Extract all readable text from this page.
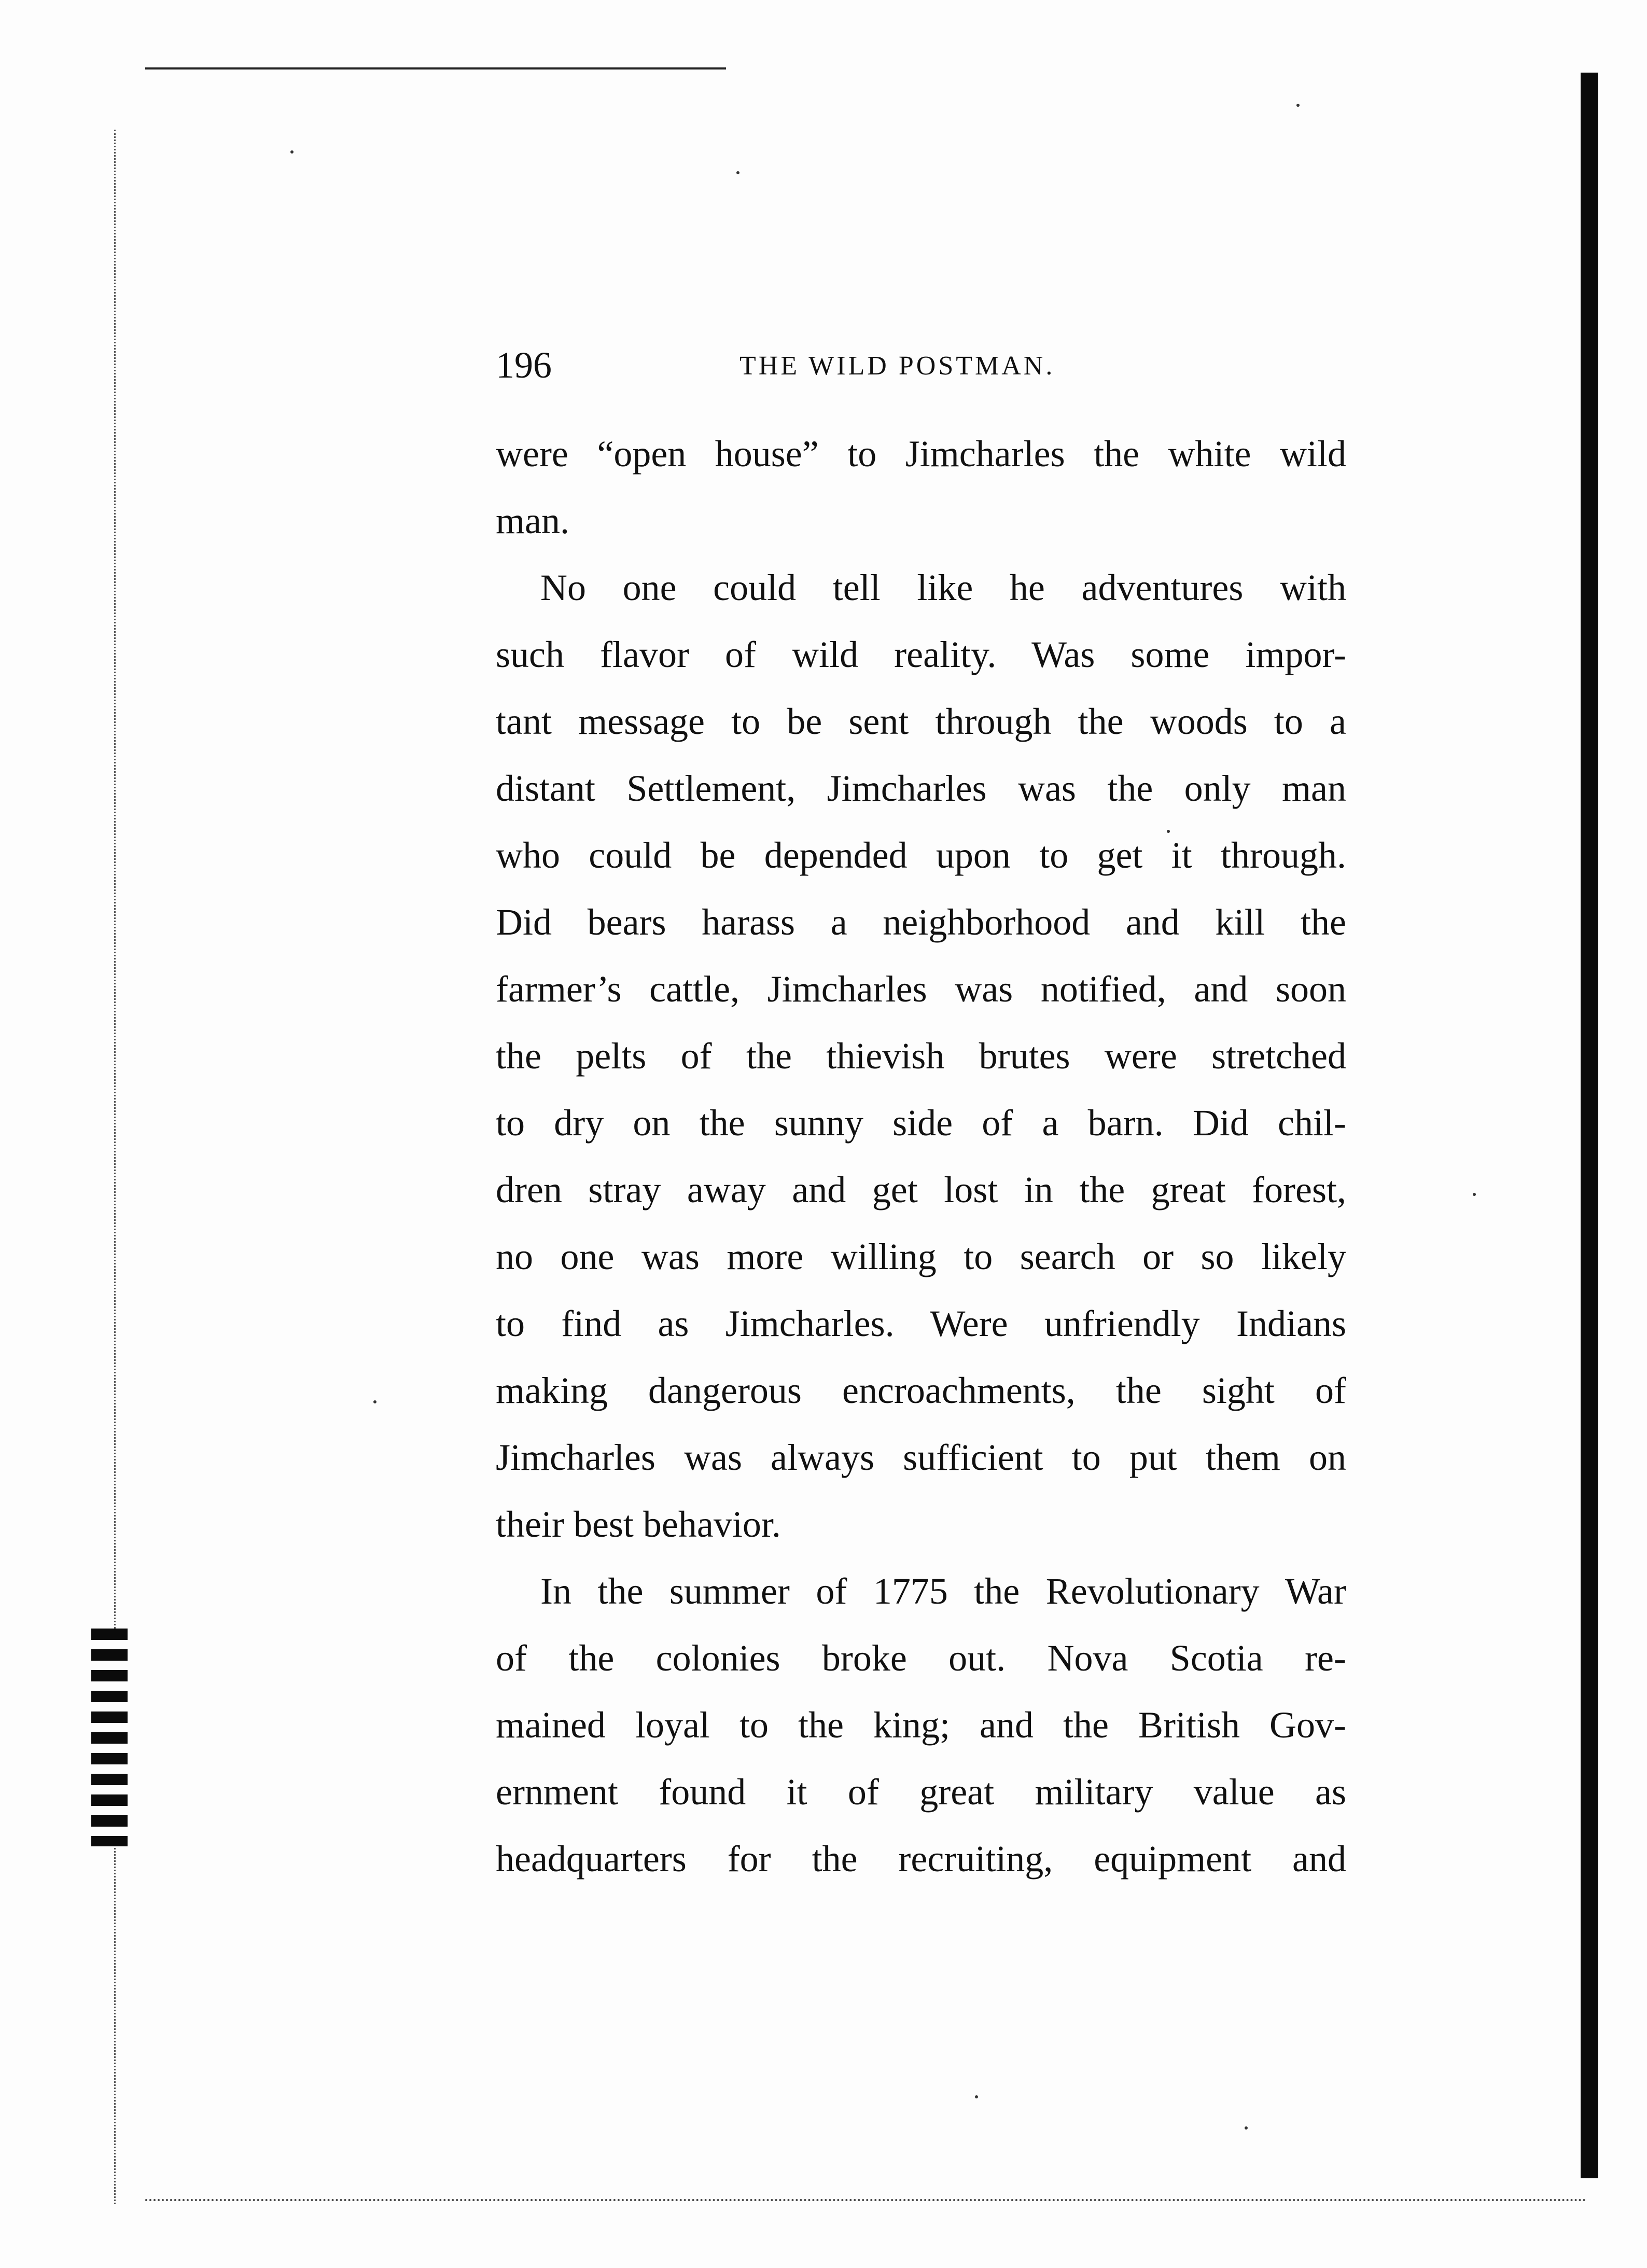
196	THE WILD POSTMAN.
were “open house” to Jimcharles the white wild
man.
No one could tell like he adventures with
such flavor of wild reality. Was some impor-
tant message to be sent through the woods to a
distant Settlement, Jimcharles was the only man
who could be depended upon to get it through.
Did bears harass a neighborhood and kill the
farmer’s cattle, Jimcharles was notified, and soon
the pelts of the thievish brutes were stretched
to dry on the sunny side of a barn. Did chil-
dren stray away and get lost in the great forest,
no one was more willing to search or so likely
to find as Jimcharles. Were unfriendly Indians
making dangerous encroachments, the sight of
Jimcharles was always sufficient to put them on
their best behavior.
In the summer of 1775 the Revolutionary War
of the colonies broke out. Nova Scotia re-
mained loyal to the king; and the British Gov-
ernment found it of great military value as
headquarters for the recruiting, equipment and
